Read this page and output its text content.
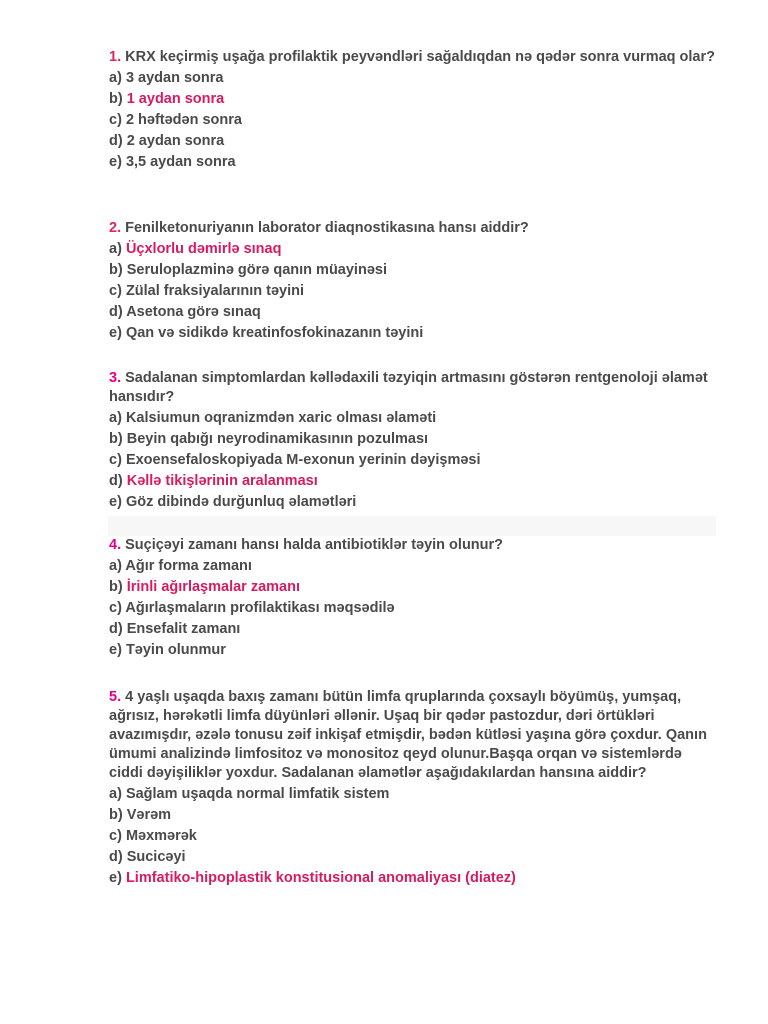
1. KRX keçirmiş uşağa profilaktik peyvəndləri sağaldıqdan nə qədər sonra vurmaq olar?

a) 3 aydan sonra

b) 1 aydan sonra

c) 2 həftədən sonra

d) 2 aydan sonra

e) 3,5 aydan sonra

2. Fenilketonuriyanın laborator diaqnostikasına hansı aiddir?

a) Üçxlorlu dəmirlə sınaq

b) Seruloplazminə görə qanın müayinəsi

c) Zülal fraksiyalarının təyini

d) Asetona görə sınaq

e) Qan və sidikdə kreatinfosfokinazanın təyini

3. Sadalanan simptomlardan kəllədaxili təzyiqin artmasını göstərən rentgenoloji əlamət hansıdır?

a) Kalsiumun oqranizmdən xaric olması əlaməti

b) Beyin qabığı neyrodinamikasının pozulması

c) Exoensefaloskopiyada M-exonun yerinin dəyişməsi

d) Kəllə tikişlərinin aralanması

e) Göz dibində durğunluq əlamətləri

4. Suçiçəyi zamanı hansı halda antibiotiklər təyin olunur?

a) Ağır forma zamanı

b) İrinli ağırlaşmalar zamanı

c) Ağırlaşmaların profilaktikası məqsədilə

d) Ensefalit zamanı

e) Təyin olunmur

5. 4 yaşlı uşaqda baxış zamanı bütün limfa qruplarında çoxsaylı böyümüş, yumşaq, ağrısız, hərəkətli limfa düyünləri əllənir. Uşaq bir qədər pastozdur, dəri örtükləri avazımışdır, əzələ tonusu zəif inkişaf etmişdir, bədən kütləsi yaşına görə çoxdur. Qanın ümumi analizində limfositoz və monositoz qeyd olunur.Başqa orqan və sistemlərdə ciddi dəyişiliklər yoxdur. Sadalanan əlamətlər aşağıdakılardan hansına aiddir?

a) Sağlam uşaqda normal limfatik sistem

b) Vərəm

c) Məxmərək

d) Sucicəyi

e) Limfatiko-hipoplastik konstitusional anomaliyası (diatez)
